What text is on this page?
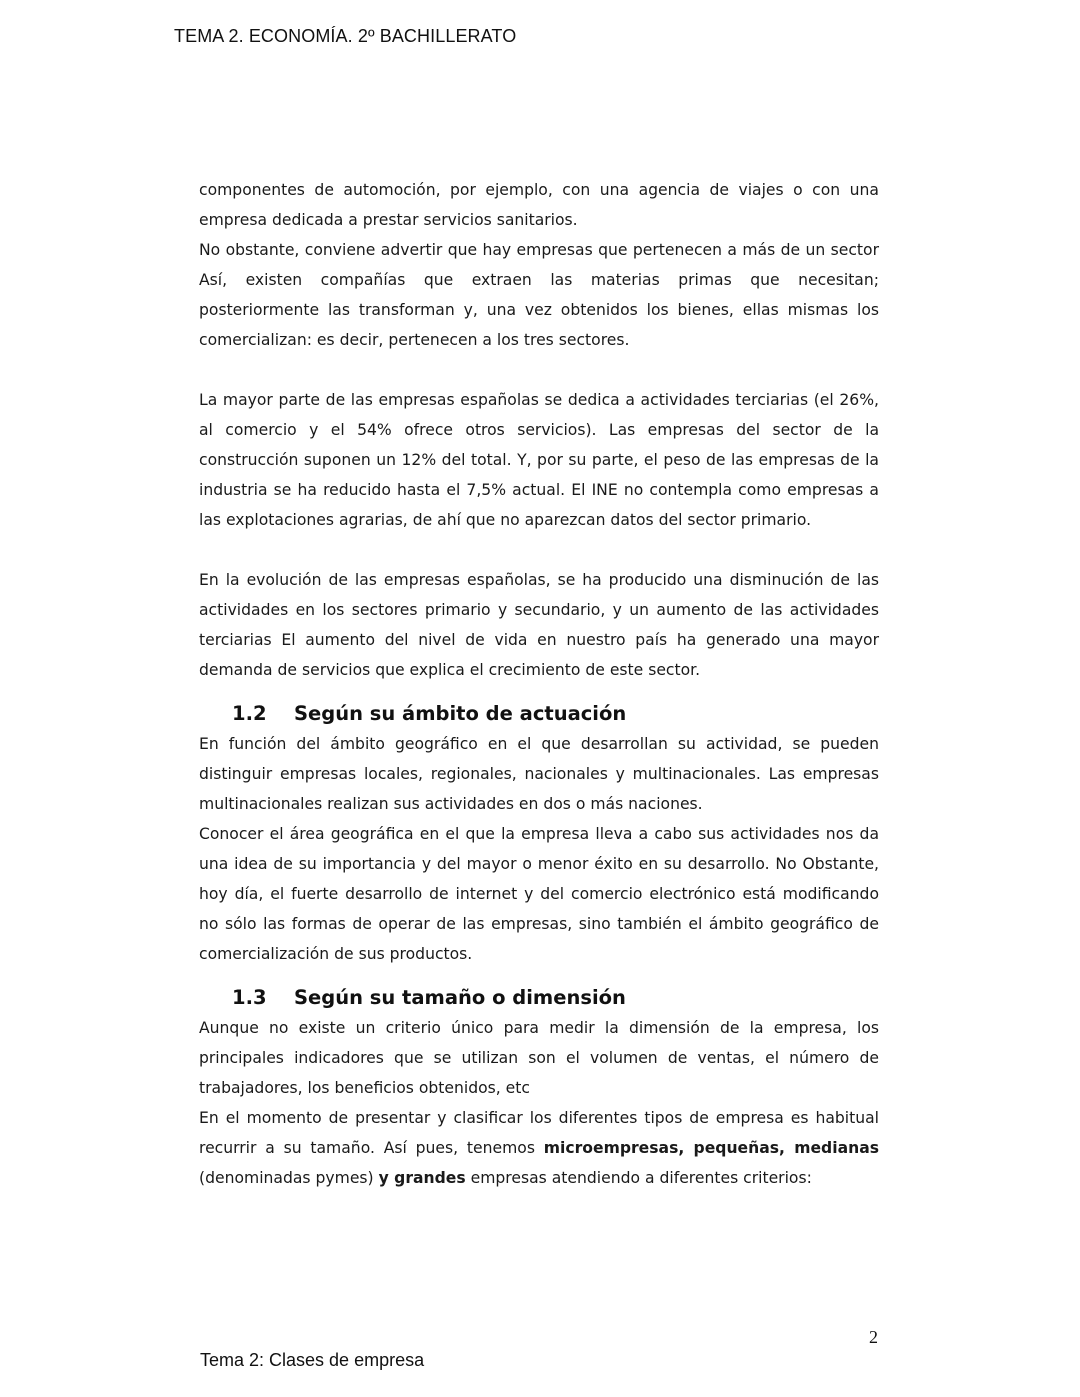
TEMA 2. ECONOMÍA. 2º BACHILLERATO

componentes de automoción, por ejemplo, con una agencia de viajes o con una empresa dedicada a prestar servicios sanitarios.

No obstante, conviene advertir que hay empresas que pertenecen a más de un sector Así, existen compañías que extraen las materias primas que necesitan; posteriormente las transforman y, una vez obtenidos los bienes, ellas mismas los comercializan: es decir, pertenecen a los tres sectores.

La mayor parte de las empresas españolas se dedica a actividades terciarias (el 26%, al comercio y el 54% ofrece otros servicios). Las empresas del sector de la construcción suponen un 12% del total. Y, por su parte, el peso de las empresas de la industria se ha reducido hasta el 7,5% actual. El INE no contempla como empresas a las explotaciones agrarias, de ahí que no aparezcan datos del sector primario.

En la evolución de las empresas españolas, se ha producido una disminución de las actividades en los sectores primario y secundario, y un aumento de las actividades terciarias El aumento del nivel de vida en nuestro país ha generado una mayor demanda de servicios que explica el crecimiento de este sector.

1.2 Según su ámbito de actuación

En función del ámbito geográfico en el que desarrollan su actividad, se pueden distinguir empresas locales, regionales, nacionales y multinacionales. Las empresas multinacionales realizan sus actividades en dos o más naciones.

Conocer el área geográfica en el que la empresa lleva a cabo sus actividades nos da una idea de su importancia y del mayor o menor éxito en su desarrollo. No Obstante, hoy día, el fuerte desarrollo de internet y del comercio electrónico está modificando no sólo las formas de operar de las empresas, sino también el ámbito geográfico de comercialización de sus productos.

1.3 Según su tamaño o dimensión

Aunque no existe un criterio único para medir la dimensión de la empresa, los principales indicadores que se utilizan son el volumen de ventas, el número de trabajadores, los beneficios obtenidos, etc

En el momento de presentar y clasificar los diferentes tipos de empresa es habitual recurrir a su tamaño. Así pues, tenemos microempresas, pequeñas, medianas (denominadas pymes) y grandes empresas atendiendo a diferentes criterios:

2
Tema 2: Clases de empresa
